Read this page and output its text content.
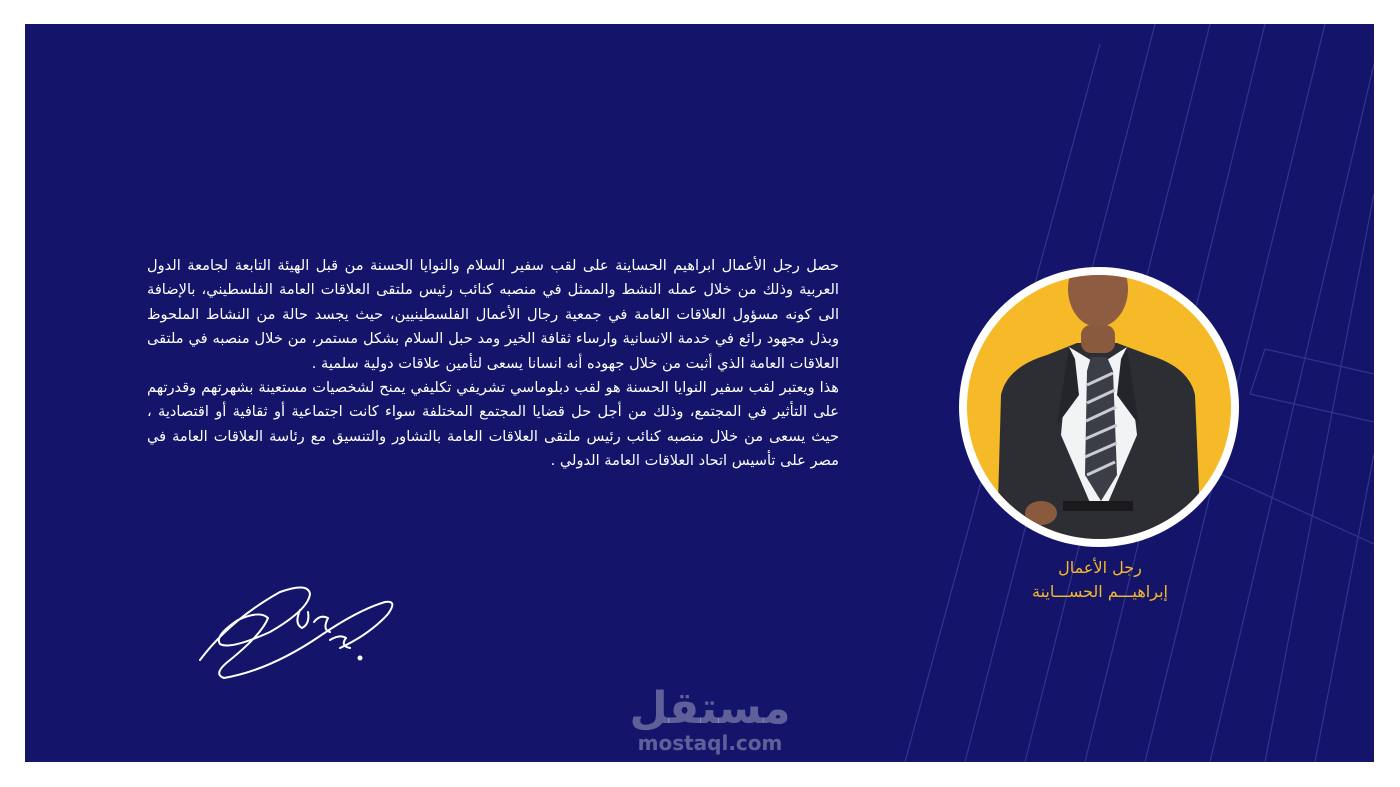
حصل رجل الأعمال ابراهيم الحساينة على لقب سفير السلام والنوايا الحسنة من قبل الهيئة التابعة لجامعة الدول العربية وذلك من خلال عمله النشط والممثل في منصبه كنائب رئيس ملتقى العلاقات العامة الفلسطيني، بالإضافة الى كونه مسؤول العلاقات العامة في جمعية رجال الأعمال الفلسطينيين، حيث يجسد حالة من النشاط الملحوظ وبذل مجهود رائع في خدمة الانسانية وارساء ثقافة الخير ومد حبل السلام بشكل مستمر، من خلال منصبه في ملتقى العلاقات العامة الذي أثبت من خلال جهوده أنه انسانا يسعى لتأمين علاقات دولية سلمية .

هذا ويعتبر لقب سفير النوايا الحسنة هو لقب دبلوماسي تشريفي تكليفي يمنح لشخصيات مستعينة بشهرتهم وقدرتهم على التأثير في المجتمع، وذلك من أجل حل قضايا المجتمع المختلفة سواء كانت اجتماعية أو ثقافية أو اقتصادية ، حيث يسعى من خلال منصبه كنائب رئيس ملتقى العلاقات العامة بالتشاور والتنسيق مع رئاسة العلاقات العامة في مصر على تأسيس اتحاد العلاقات العامة الدولي .

رجل الأعمال
إبراهيـــم الحســـاينة
مستقل
mostaql.com
